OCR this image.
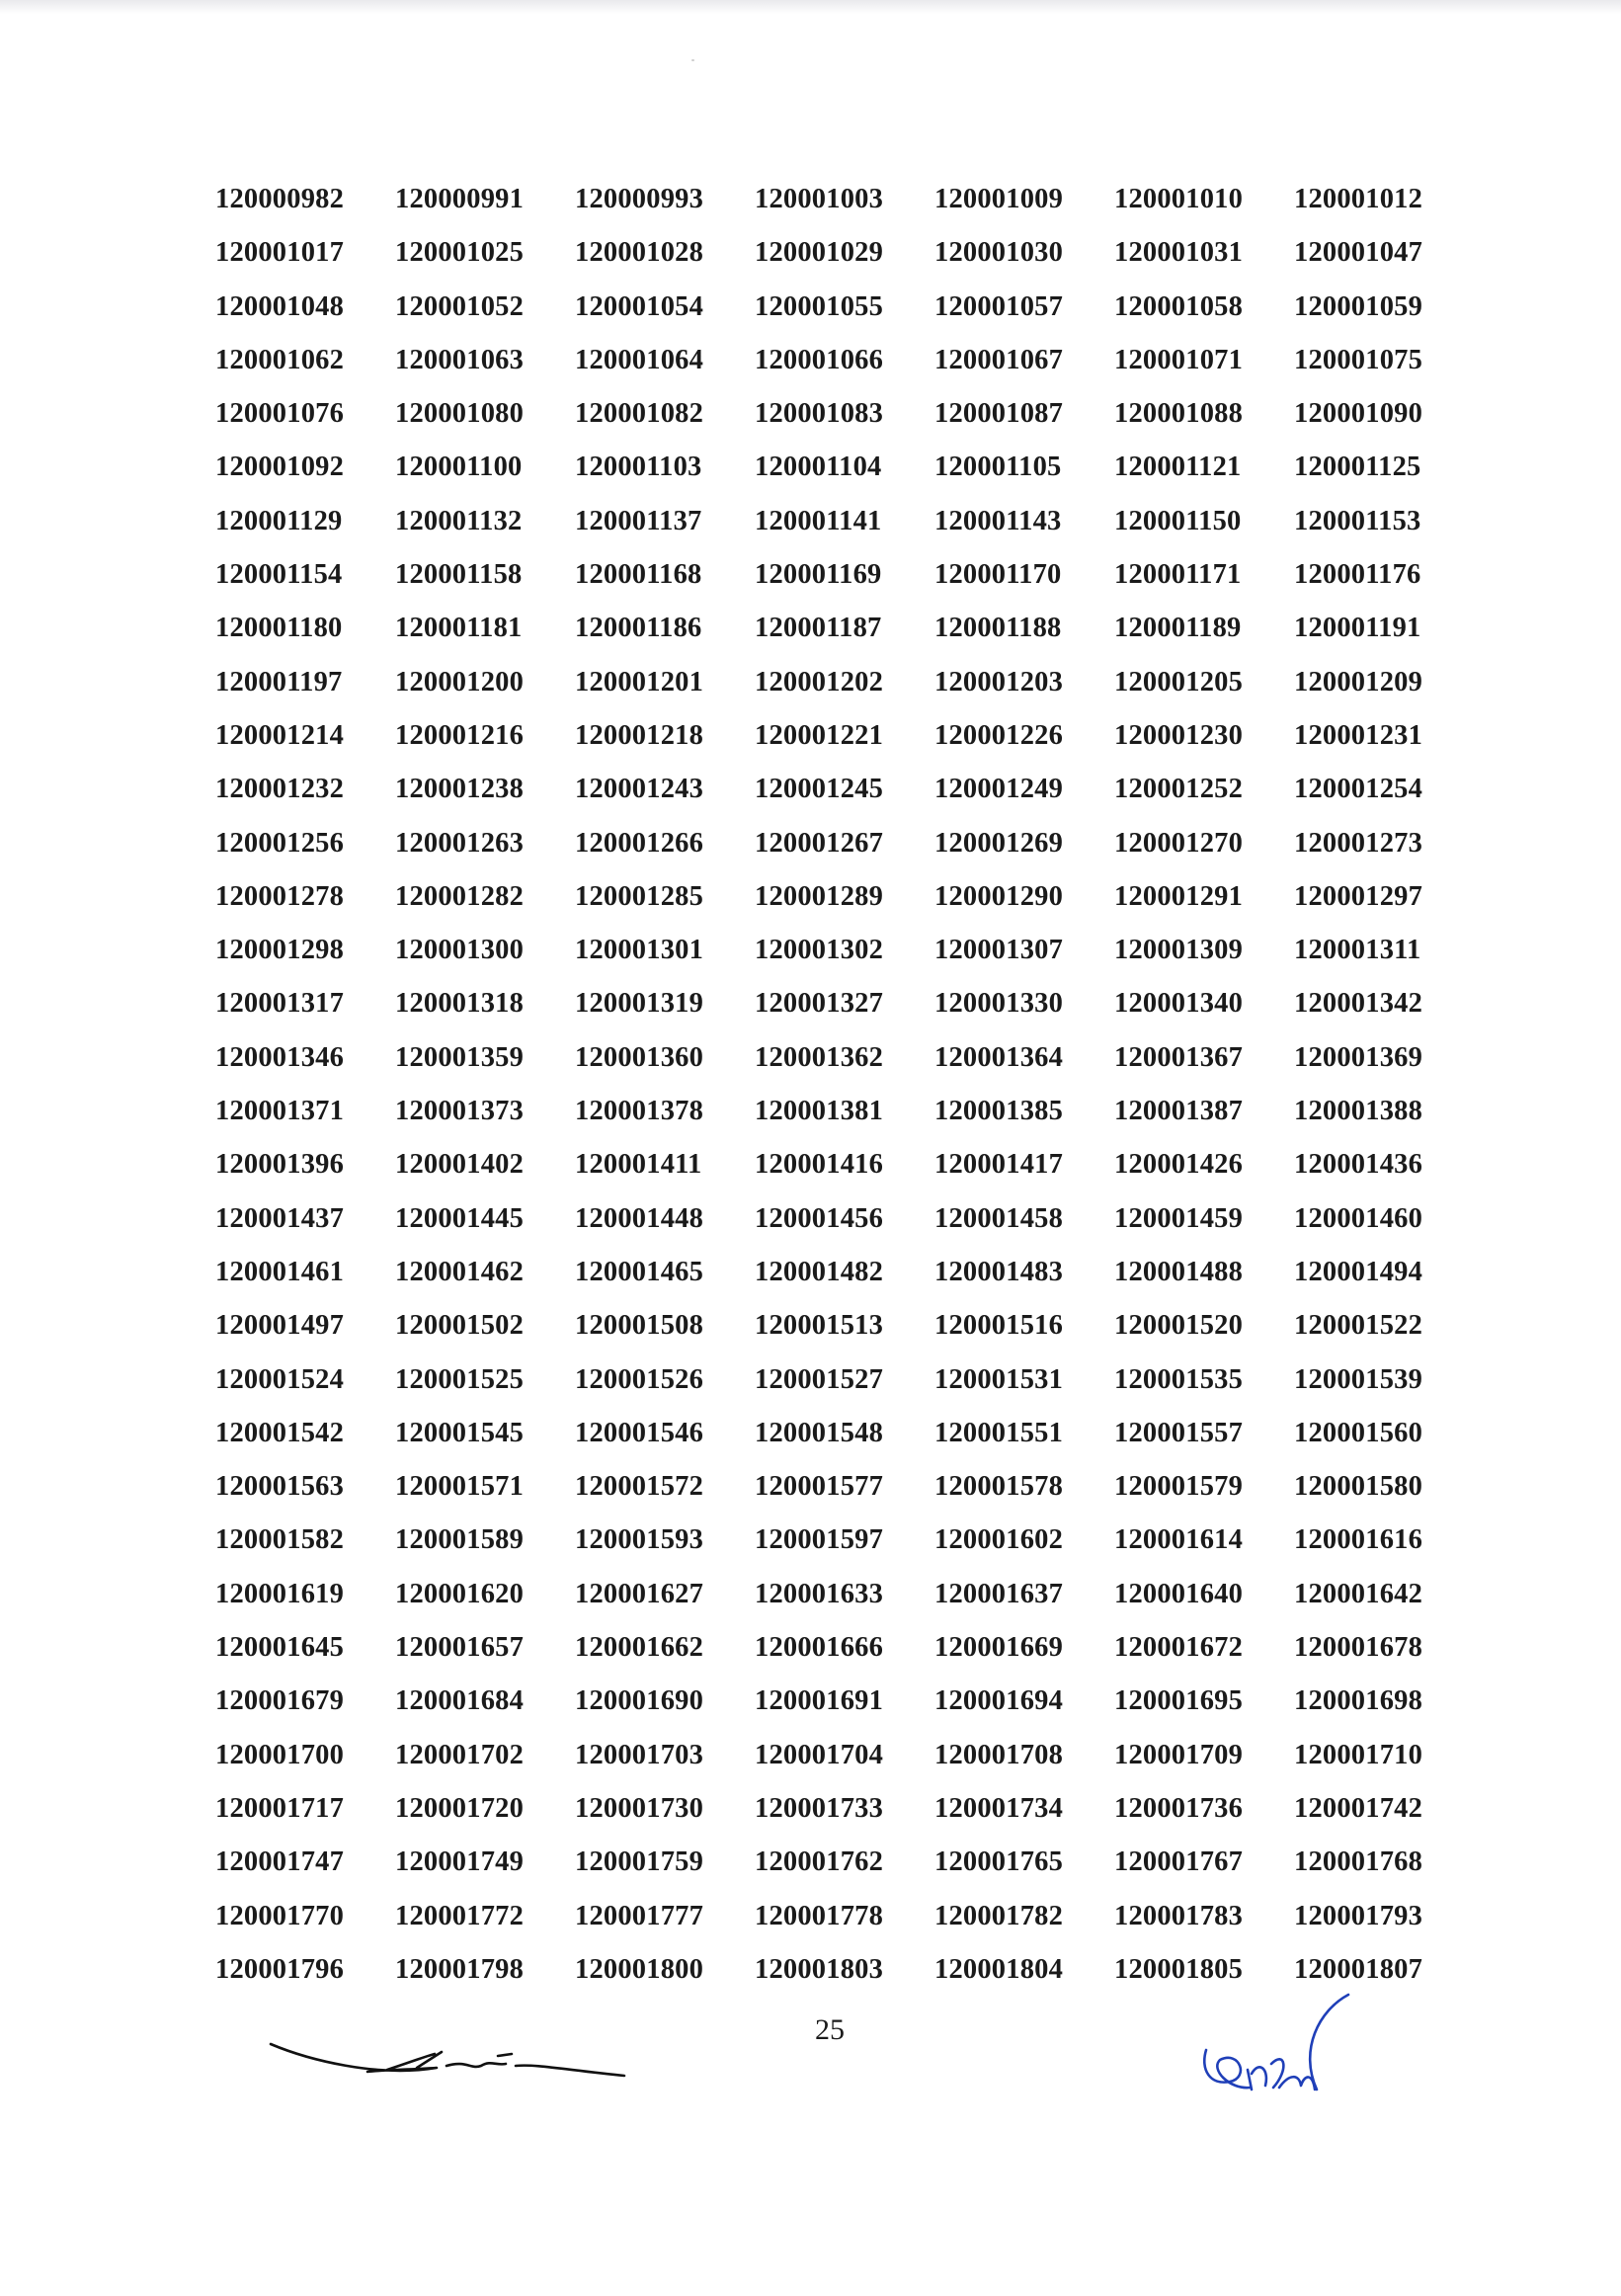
120000982	120000991	120000993	120001003	120001009	120001010	120001012
120001017	120001025	120001028	120001029	120001030	120001031	120001047
120001048	120001052	120001054	120001055	120001057	120001058	120001059
120001062	120001063	120001064	120001066	120001067	120001071	120001075
120001076	120001080	120001082	120001083	120001087	120001088	120001090
120001092	120001100	120001103	120001104	120001105	120001121	120001125
120001129	120001132	120001137	120001141	120001143	120001150	120001153
120001154	120001158	120001168	120001169	120001170	120001171	120001176
120001180	120001181	120001186	120001187	120001188	120001189	120001191
120001197	120001200	120001201	120001202	120001203	120001205	120001209
120001214	120001216	120001218	120001221	120001226	120001230	120001231
120001232	120001238	120001243	120001245	120001249	120001252	120001254
120001256	120001263	120001266	120001267	120001269	120001270	120001273
120001278	120001282	120001285	120001289	120001290	120001291	120001297
120001298	120001300	120001301	120001302	120001307	120001309	120001311
120001317	120001318	120001319	120001327	120001330	120001340	120001342
120001346	120001359	120001360	120001362	120001364	120001367	120001369
120001371	120001373	120001378	120001381	120001385	120001387	120001388
120001396	120001402	120001411	120001416	120001417	120001426	120001436
120001437	120001445	120001448	120001456	120001458	120001459	120001460
120001461	120001462	120001465	120001482	120001483	120001488	120001494
120001497	120001502	120001508	120001513	120001516	120001520	120001522
120001524	120001525	120001526	120001527	120001531	120001535	120001539
120001542	120001545	120001546	120001548	120001551	120001557	120001560
120001563	120001571	120001572	120001577	120001578	120001579	120001580
120001582	120001589	120001593	120001597	120001602	120001614	120001616
120001619	120001620	120001627	120001633	120001637	120001640	120001642
120001645	120001657	120001662	120001666	120001669	120001672	120001678
120001679	120001684	120001690	120001691	120001694	120001695	120001698
120001700	120001702	120001703	120001704	120001708	120001709	120001710
120001717	120001720	120001730	120001733	120001734	120001736	120001742
120001747	120001749	120001759	120001762	120001765	120001767	120001768
120001770	120001772	120001777	120001778	120001782	120001783	120001793
120001796	120001798	120001800	120001803	120001804	120001805	120001807
25
